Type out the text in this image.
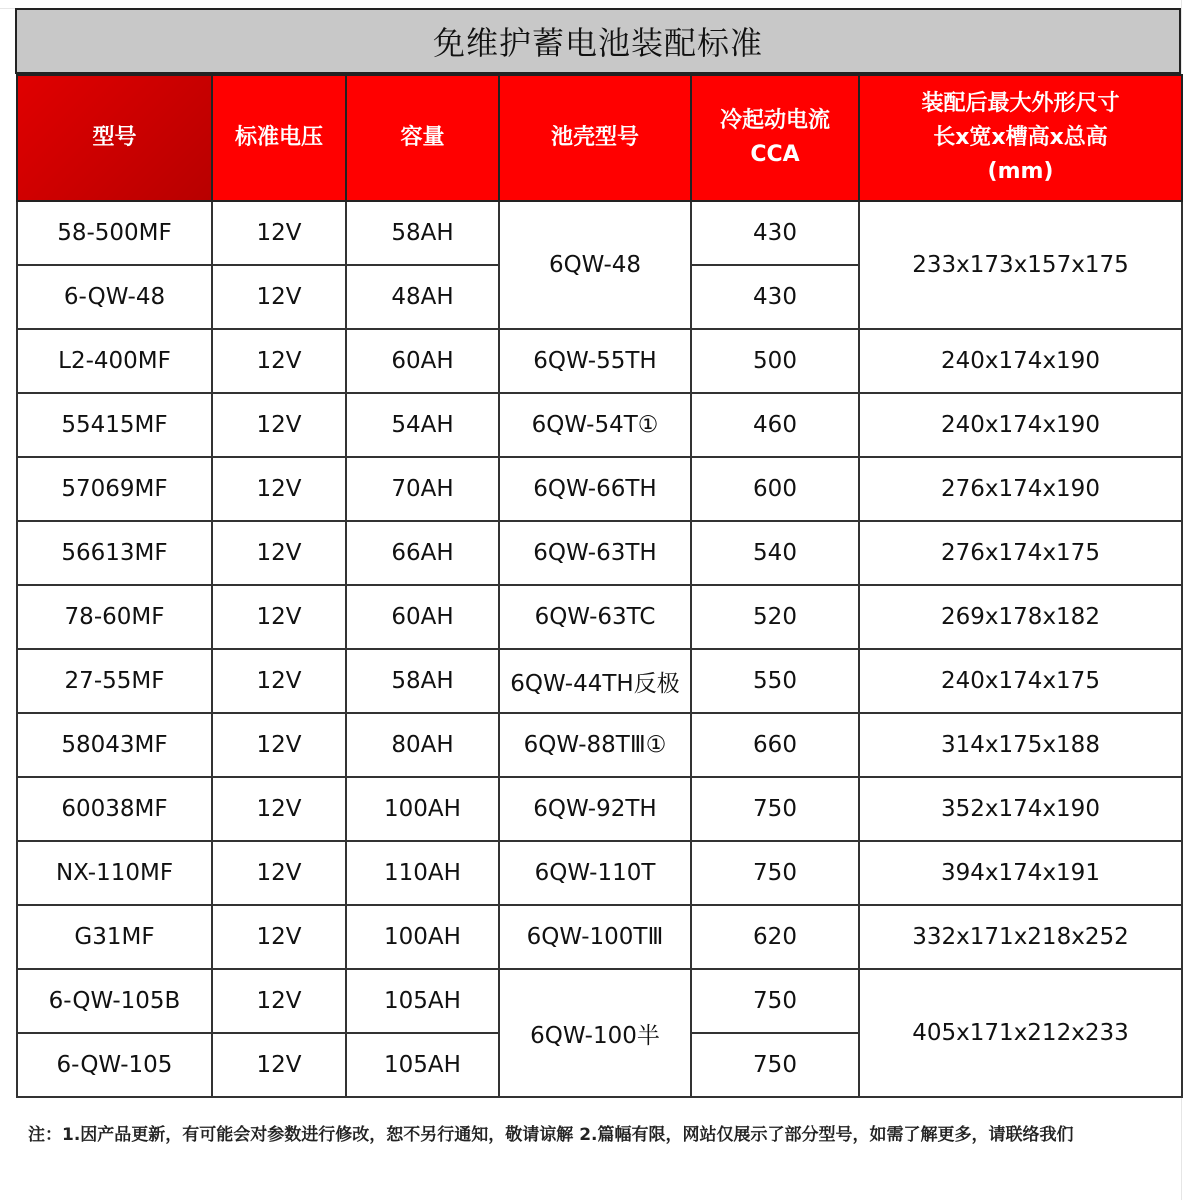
免维护蓄电池装配标准
型号	标准电压	容量	池壳型号	冷起动电流
CCA	装配后最大外形尺寸
长x宽x槽高x总高
(mm)

58-500MF	12V	58AH	6QW-48	430	233x173x157x175
6-QW-48	12V	48AH		430	
L2-400MF	12V	60AH	6QW-55TH	500	240x174x190
55415MF	12V	54AH	6QW-54T①	460	240x174x190
57069MF	12V	70AH	6QW-66TH	600	276x174x190
56613MF	12V	66AH	6QW-63TH	540	276x174x175
78-60MF	12V	60AH	6QW-63TC	520	269x178x182
27-55MF	12V	58AH	6QW-44TH反极	550	240x174x175
58043MF	12V	80AH	6QW-88TⅢ①	660	314x175x188
60038MF	12V	100AH	6QW-92TH	750	352x174x190
NX-110MF	12V	110AH	6QW-110T	750	394x174x191
G31MF	12V	100AH	6QW-100TⅢ	620	332x171x218x252
6-QW-105B	12V	105AH	6QW-100半	750	405x171x212x233
6-QW-105	12V	105AH		750	
注：1.因产品更新，有可能会对参数进行修改，恕不另行通知，敬请谅解 2.篇幅有限，网站仅展示了部分型号，如需了解更多，请联络我们
